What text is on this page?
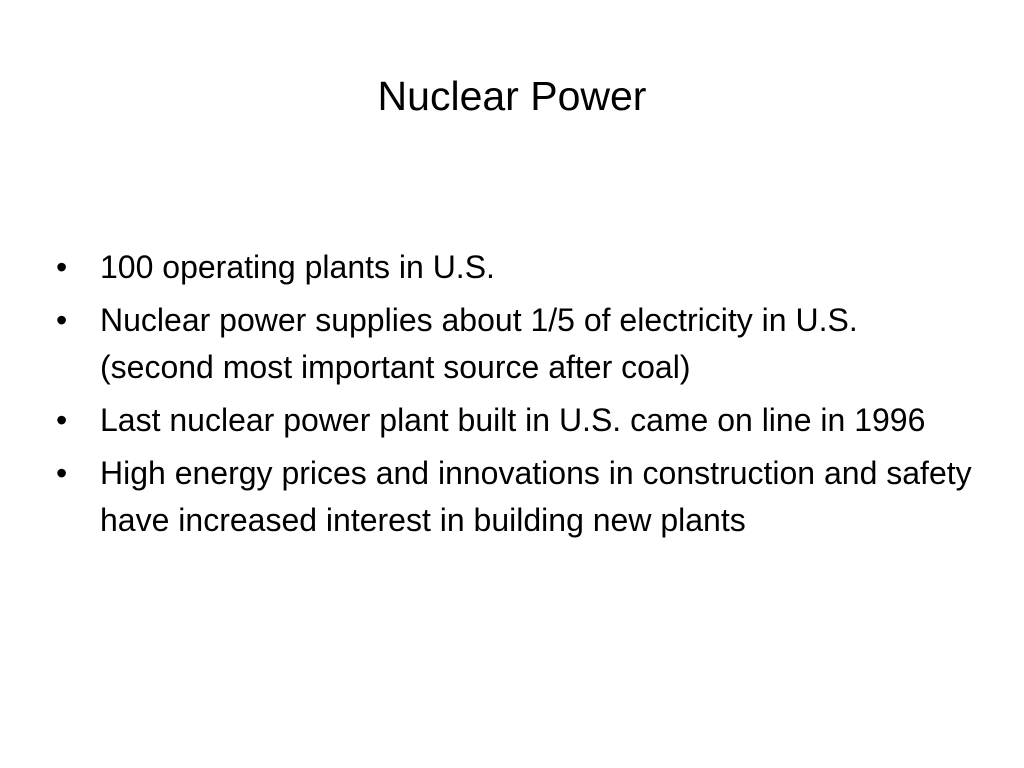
Nuclear Power
•	100 operating plants in U.S.
•	Nuclear power supplies about 1/5 of electricity in U.S. (second most important source after coal)
•	Last nuclear power plant built in U.S. came on line in 1996
•	High energy prices and innovations in construction and safety have increased interest in building new plants
